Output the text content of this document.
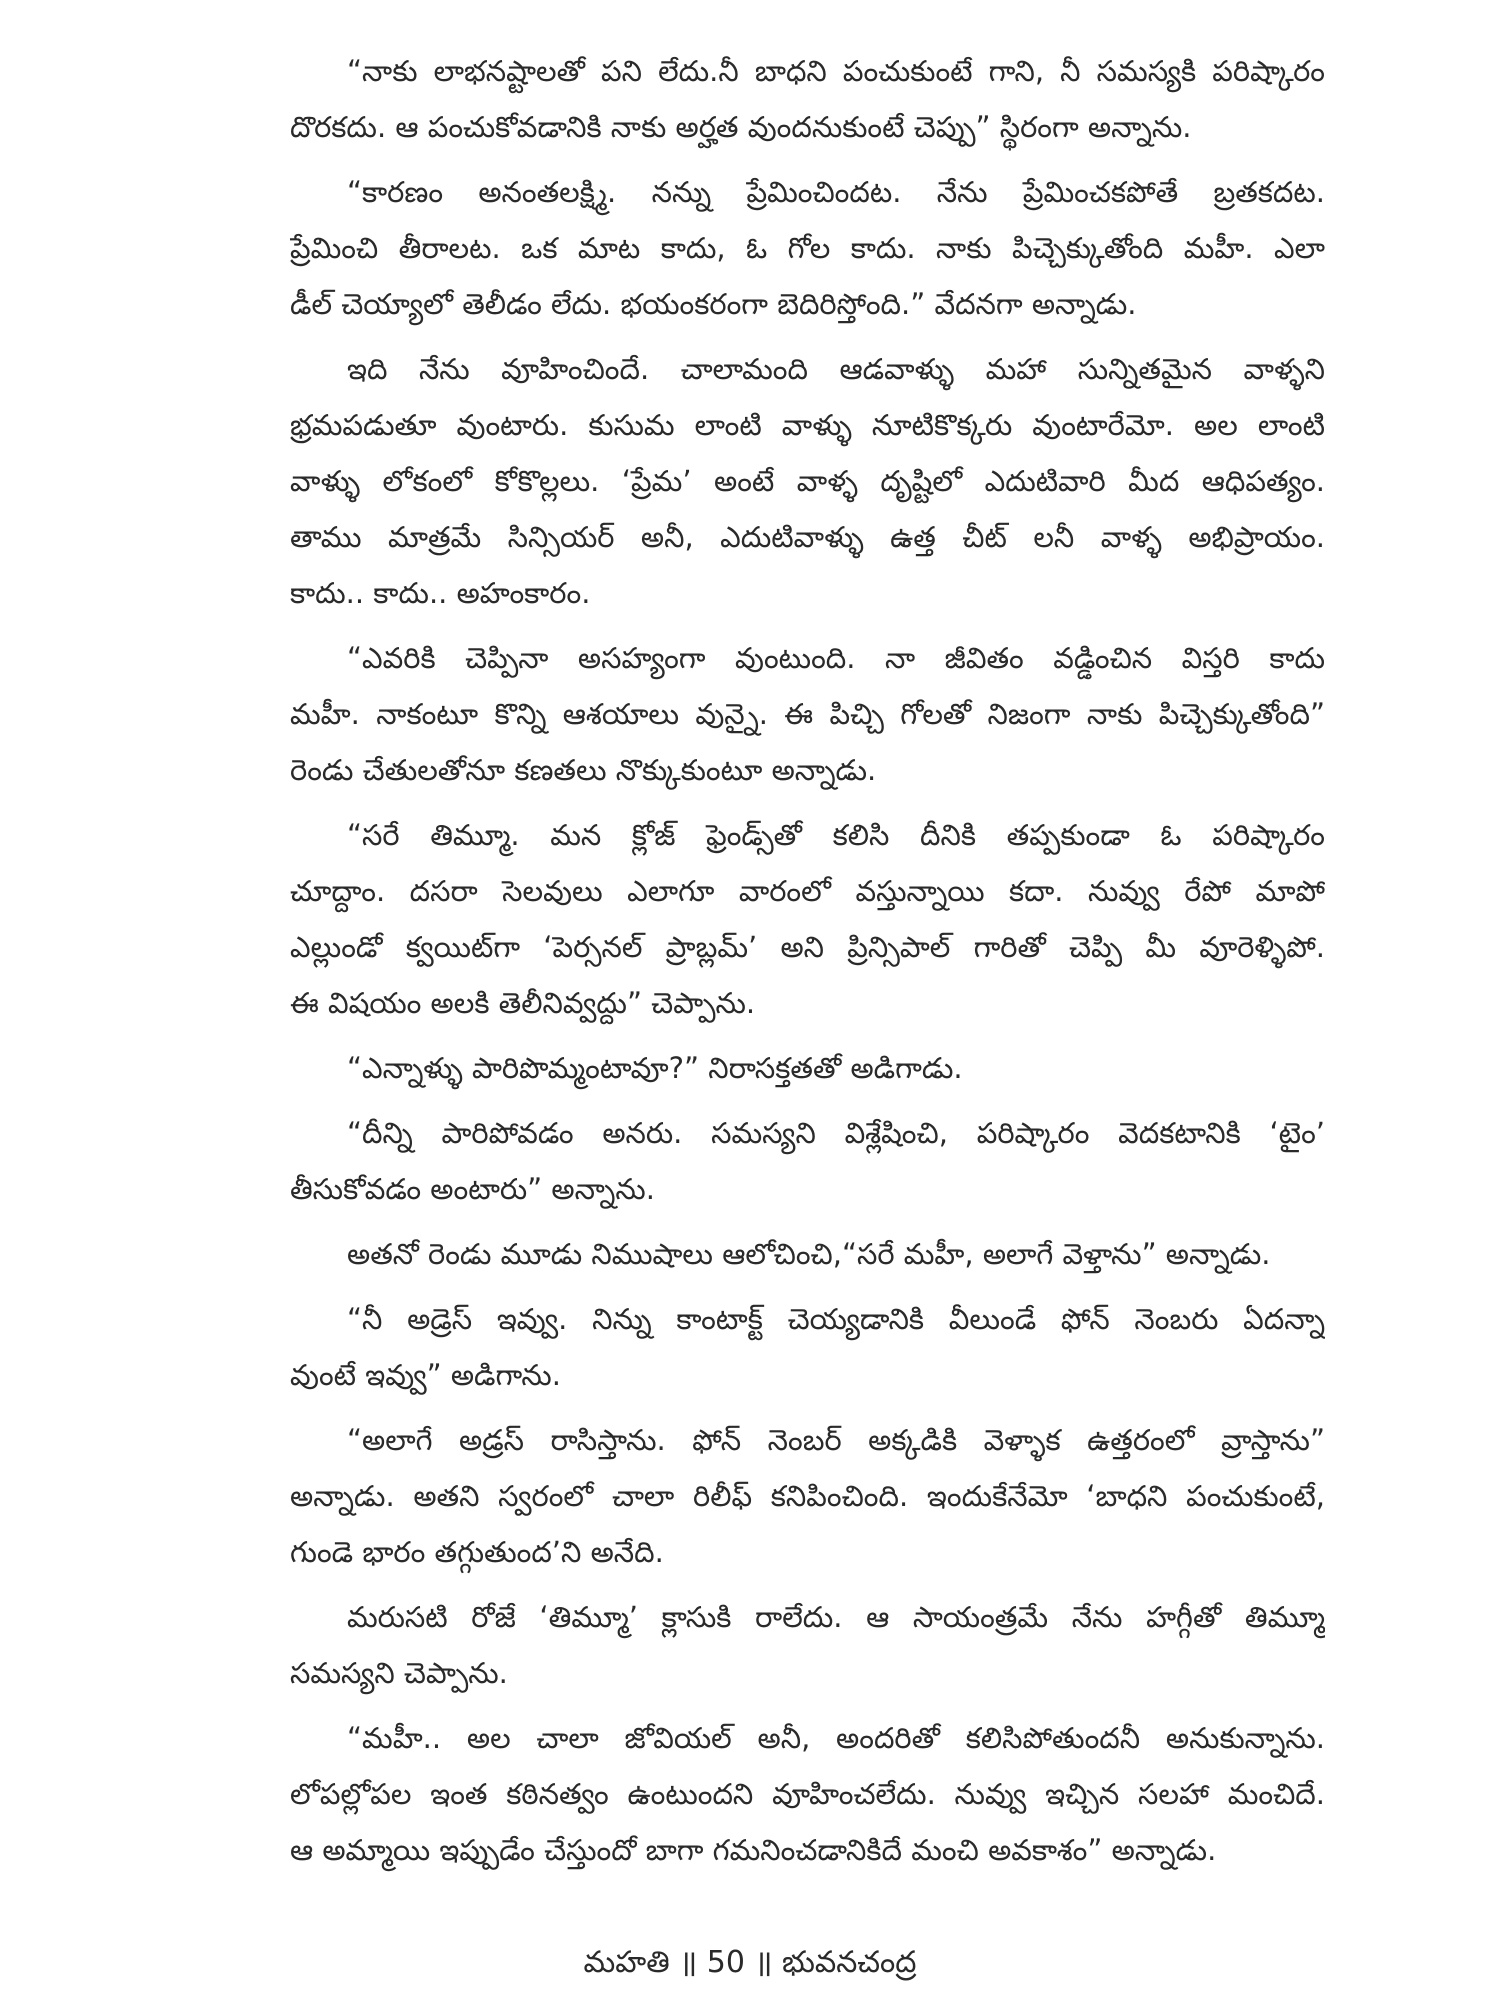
“నాకు లాభనష్టాలతో పని లేదు.నీ బాధని పంచుకుంటే గాని, నీ సమస్యకి పరిష్కారం
దొరకదు. ఆ పంచుకోవడానికి నాకు అర్హత వుందనుకుంటే చెప్పు” స్థిరంగా అన్నాను.
“కారణం అనంతలక్ష్మి. నన్ను ప్రేమించిందట. నేను ప్రేమించకపోతే బ్రతకదట.
ప్రేమించి తీరాలట. ఒక మాట కాదు, ఓ గోల కాదు. నాకు పిచ్చెక్కుతోంది మహీ. ఎలా
డీల్ చెయ్యాలో తెలీడం లేదు. భయంకరంగా బెదిరిస్తోంది.” వేదనగా అన్నాడు.
ఇది నేను వూహించిందే. చాలామంది ఆడవాళ్ళు మహా సున్నితమైన వాళ్ళని
భ్రమపడుతూ వుంటారు. కుసుమ లాంటి వాళ్ళు నూటికొక్కరు వుంటారేమో. అల లాంటి
వాళ్ళు లోకంలో కోకొల్లలు. ‘ప్రేమ’ అంటే వాళ్ళ దృష్టిలో ఎదుటివారి మీద ఆధిపత్యం.
తాము మాత్రమే సిన్సియర్ అనీ, ఎదుటివాళ్ళు ఉత్త చీట్ లనీ వాళ్ళ అభిప్రాయం.
కాదు.. కాదు.. అహంకారం.
“ఎవరికి చెప్పినా అసహ్యంగా వుంటుంది. నా జీవితం వడ్డించిన విస్తరి కాదు
మహీ. నాకంటూ కొన్ని ఆశయాలు వున్నై. ఈ పిచ్చి గోలతో నిజంగా నాకు పిచ్చెక్కుతోంది”
రెండు చేతులతోనూ కణతలు నొక్కుకుంటూ అన్నాడు.
“సరే తిమ్మూ. మన క్లోజ్ ఫ్రెండ్స్‌తో కలిసి దీనికి తప్పకుండా ఓ పరిష్కారం
చూద్దాం. దసరా సెలవులు ఎలాగూ వారంలో వస్తున్నాయి కదా. నువ్వు రేపో మాపో
ఎల్లుండో క్వయిట్‌గా ‘పెర్సనల్ ప్రాబ్లమ్’ అని ప్రిన్సిపాల్ గారితో చెప్పి మీ వూరెళ్ళిపో.
ఈ విషయం అలకి తెలీనివ్వద్దు” చెప్పాను.
“ఎన్నాళ్ళు పారిపొమ్మంటావూ?” నిరాసక్తతతో అడిగాడు.
“దీన్ని పారిపోవడం అనరు. సమస్యని విశ్లేషించి, పరిష్కారం వెదకటానికి ‘టైం’
తీసుకోవడం అంటారు” అన్నాను.
అతనో రెండు మూడు నిముషాలు ఆలోచించి,“సరే మహీ, అలాగే వెళ్తాను” అన్నాడు.
“నీ అడ్రెస్ ఇవ్వు. నిన్ను కాంటాక్ట్ చెయ్యడానికి వీలుండే ఫోన్ నెంబరు ఏదన్నా
వుంటే ఇవ్వు” అడిగాను.
“అలాగే అడ్రస్ రాసిస్తాను. ఫోన్ నెంబర్ అక్కడికి వెళ్ళాక ఉత్తరంలో వ్రాస్తాను”
అన్నాడు. అతని స్వరంలో చాలా రిలీఫ్ కనిపించింది. ఇందుకేనేమో ‘బాధని పంచుకుంటే,
గుండె భారం తగ్గుతుంద’ని అనేది.
మరుసటి రోజే ‘తిమ్మూ’ క్లాసుకి రాలేదు. ఆ సాయంత్రమే నేను హగ్గీతో తిమ్మూ
సమస్యని చెప్పాను.
“మహీ.. అల చాలా జోవియల్ అనీ, అందరితో కలిసిపోతుందనీ అనుకున్నాను.
లోపల్లోపల ఇంత కఠినత్వం ఉంటుందని వూహించలేదు. నువ్వు ఇచ్చిన సలహా మంచిదే.
ఆ అమ్మాయి ఇప్పుడేం చేస్తుందో బాగా గమనించడానికిదే మంచి అవకాశం” అన్నాడు.
మహతి ॥ 50 ॥ భువనచంద్ర
